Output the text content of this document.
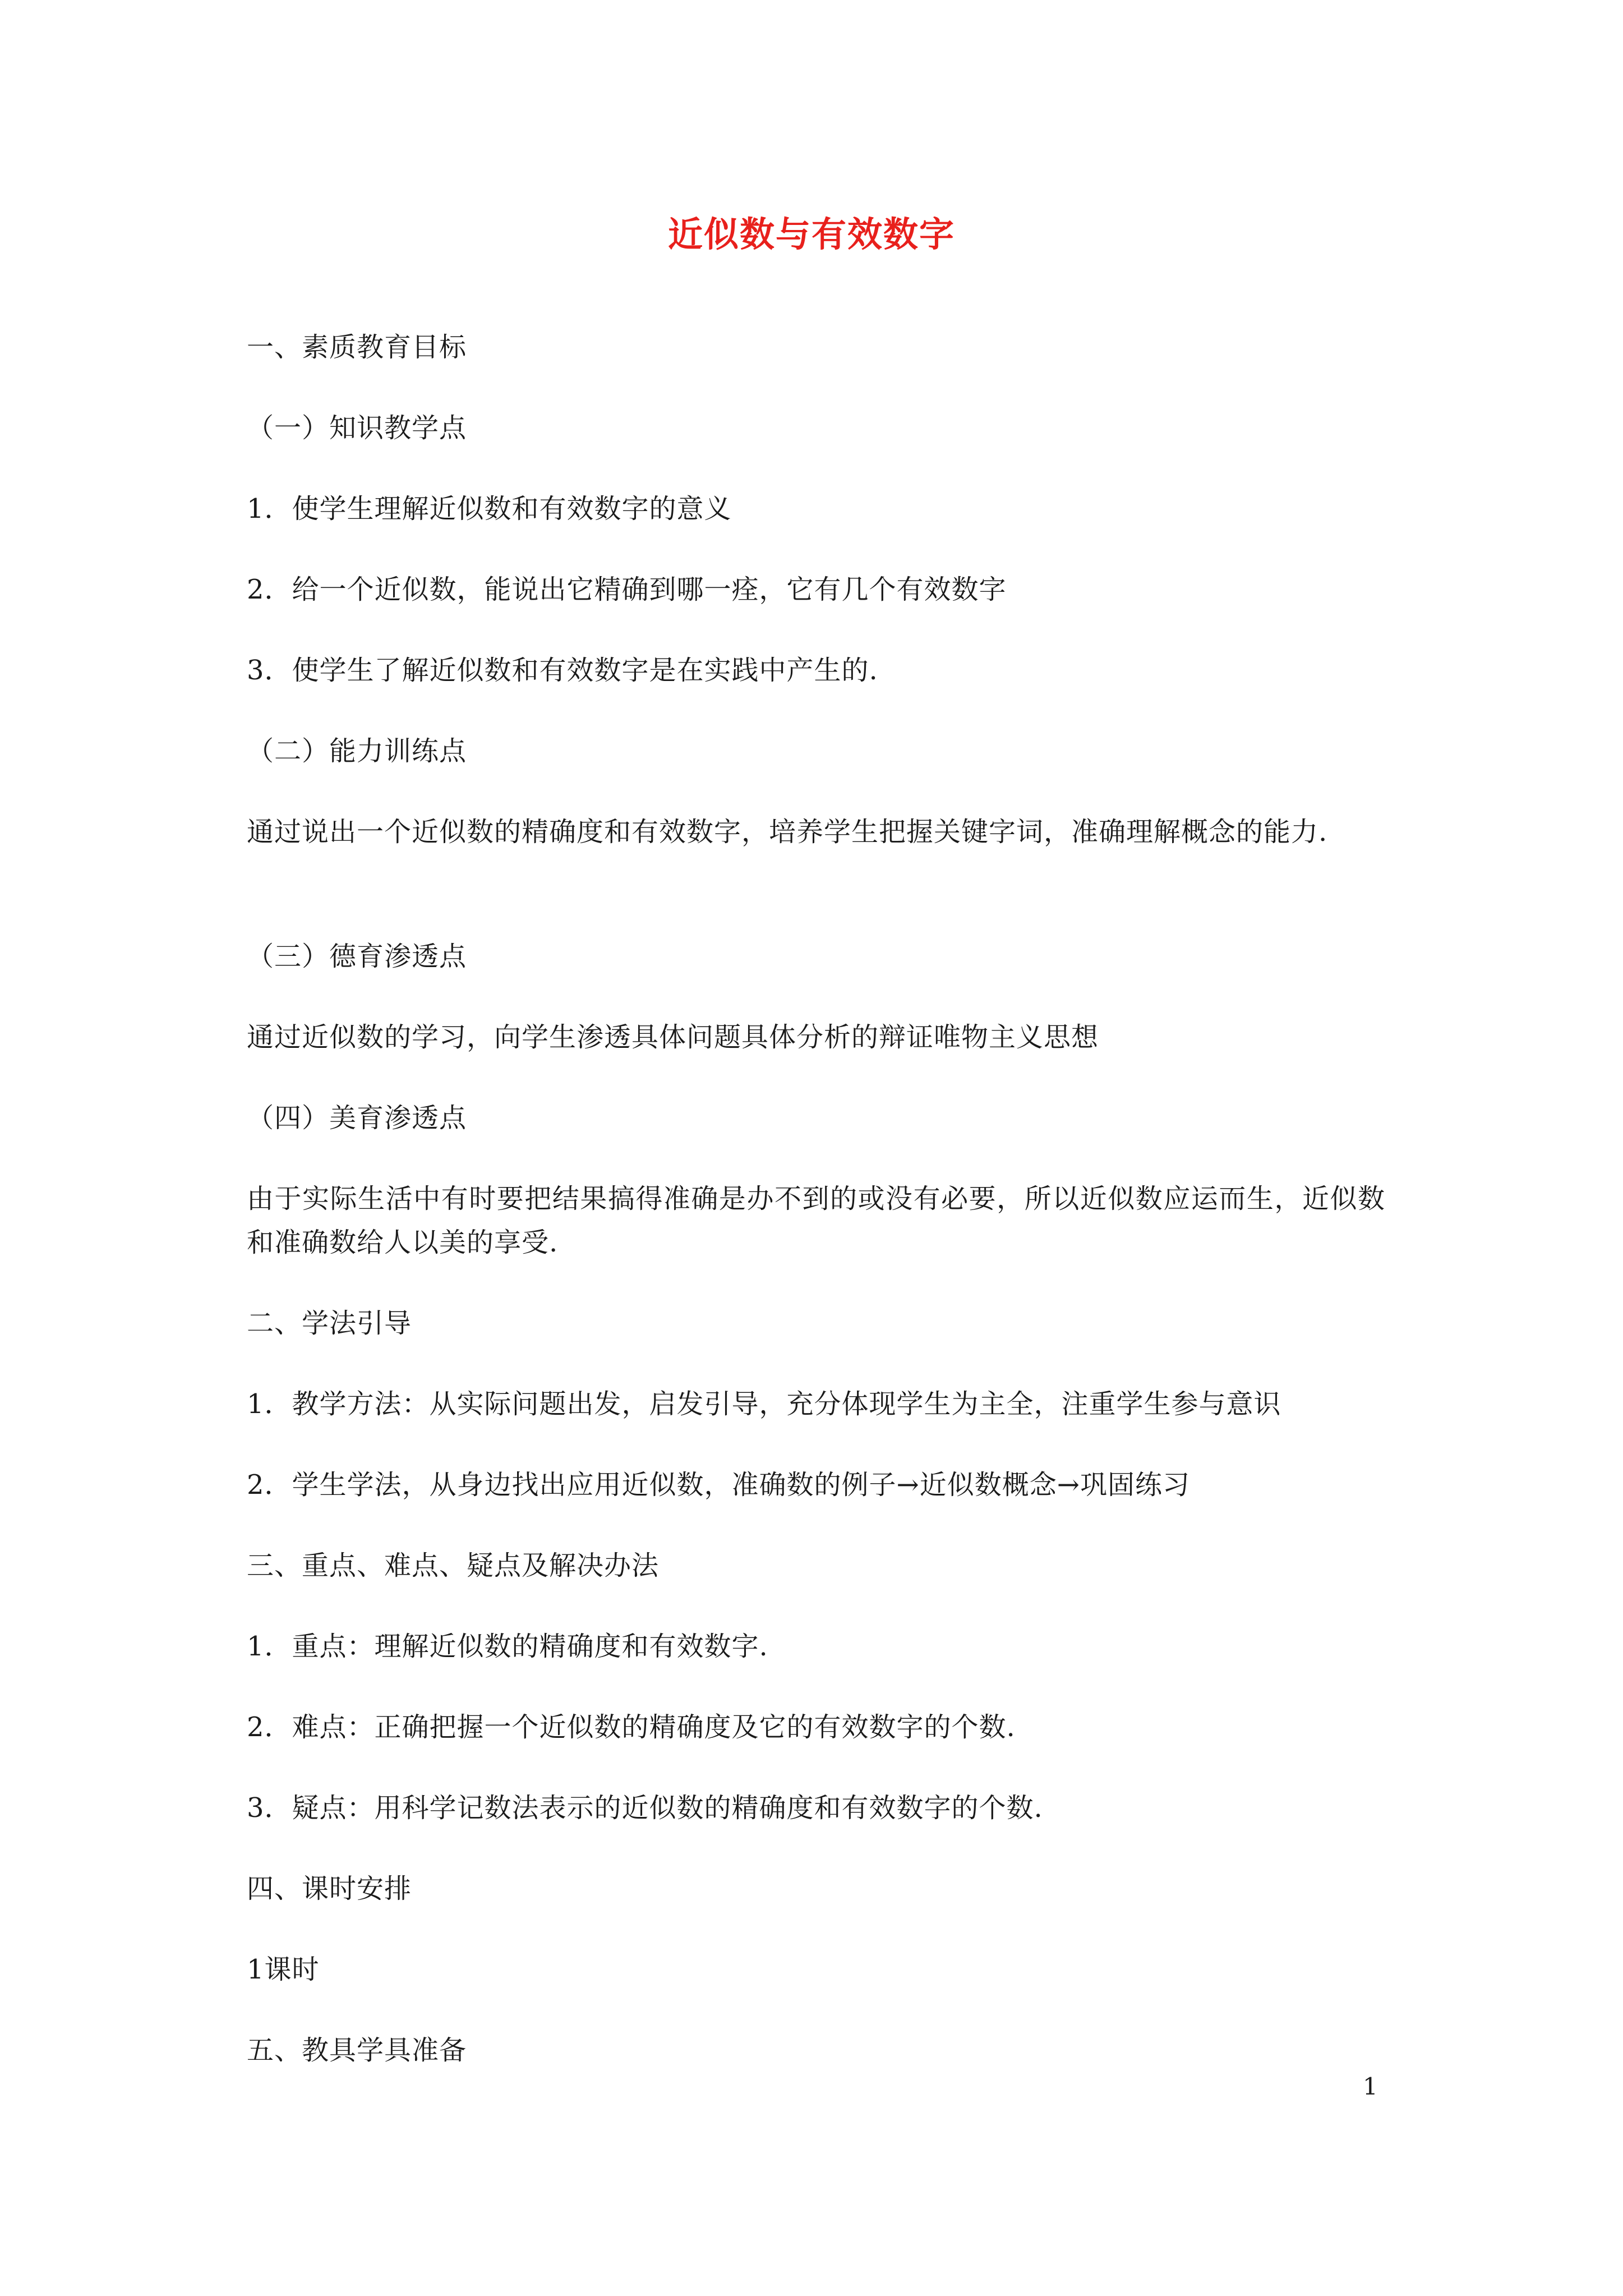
近似数与有效数字
一、素质教育目标
（一）知识教学点
1．使学生理解近似数和有效数字的意义
2．给一个近似数，能说出它精确到哪一痊，它有几个有效数字
3．使学生了解近似数和有效数字是在实践中产生的.
（二）能力训练点
通过说出一个近似数的精确度和有效数字，培养学生把握关键字词，准确理解概念的能力.
（三）德育渗透点
通过近似数的学习，向学生渗透具体问题具体分析的辩证唯物主义思想
（四）美育渗透点
由于实际生活中有时要把结果搞得准确是办不到的或没有必要，所以近似数应运而生，近似数和准确数给人以美的享受.
二、学法引导
1．教学方法：从实际问题出发，启发引导，充分体现学生为主全，注重学生参与意识
2．学生学法，从身边找出应用近似数，准确数的例子→近似数概念→巩固练习
三、重点、难点、疑点及解决办法
1．重点：理解近似数的精确度和有效数字.
2．难点：正确把握一个近似数的精确度及它的有效数字的个数.
3．疑点：用科学记数法表示的近似数的精确度和有效数字的个数.
四、课时安排
1课时
五、教具学具准备
1
